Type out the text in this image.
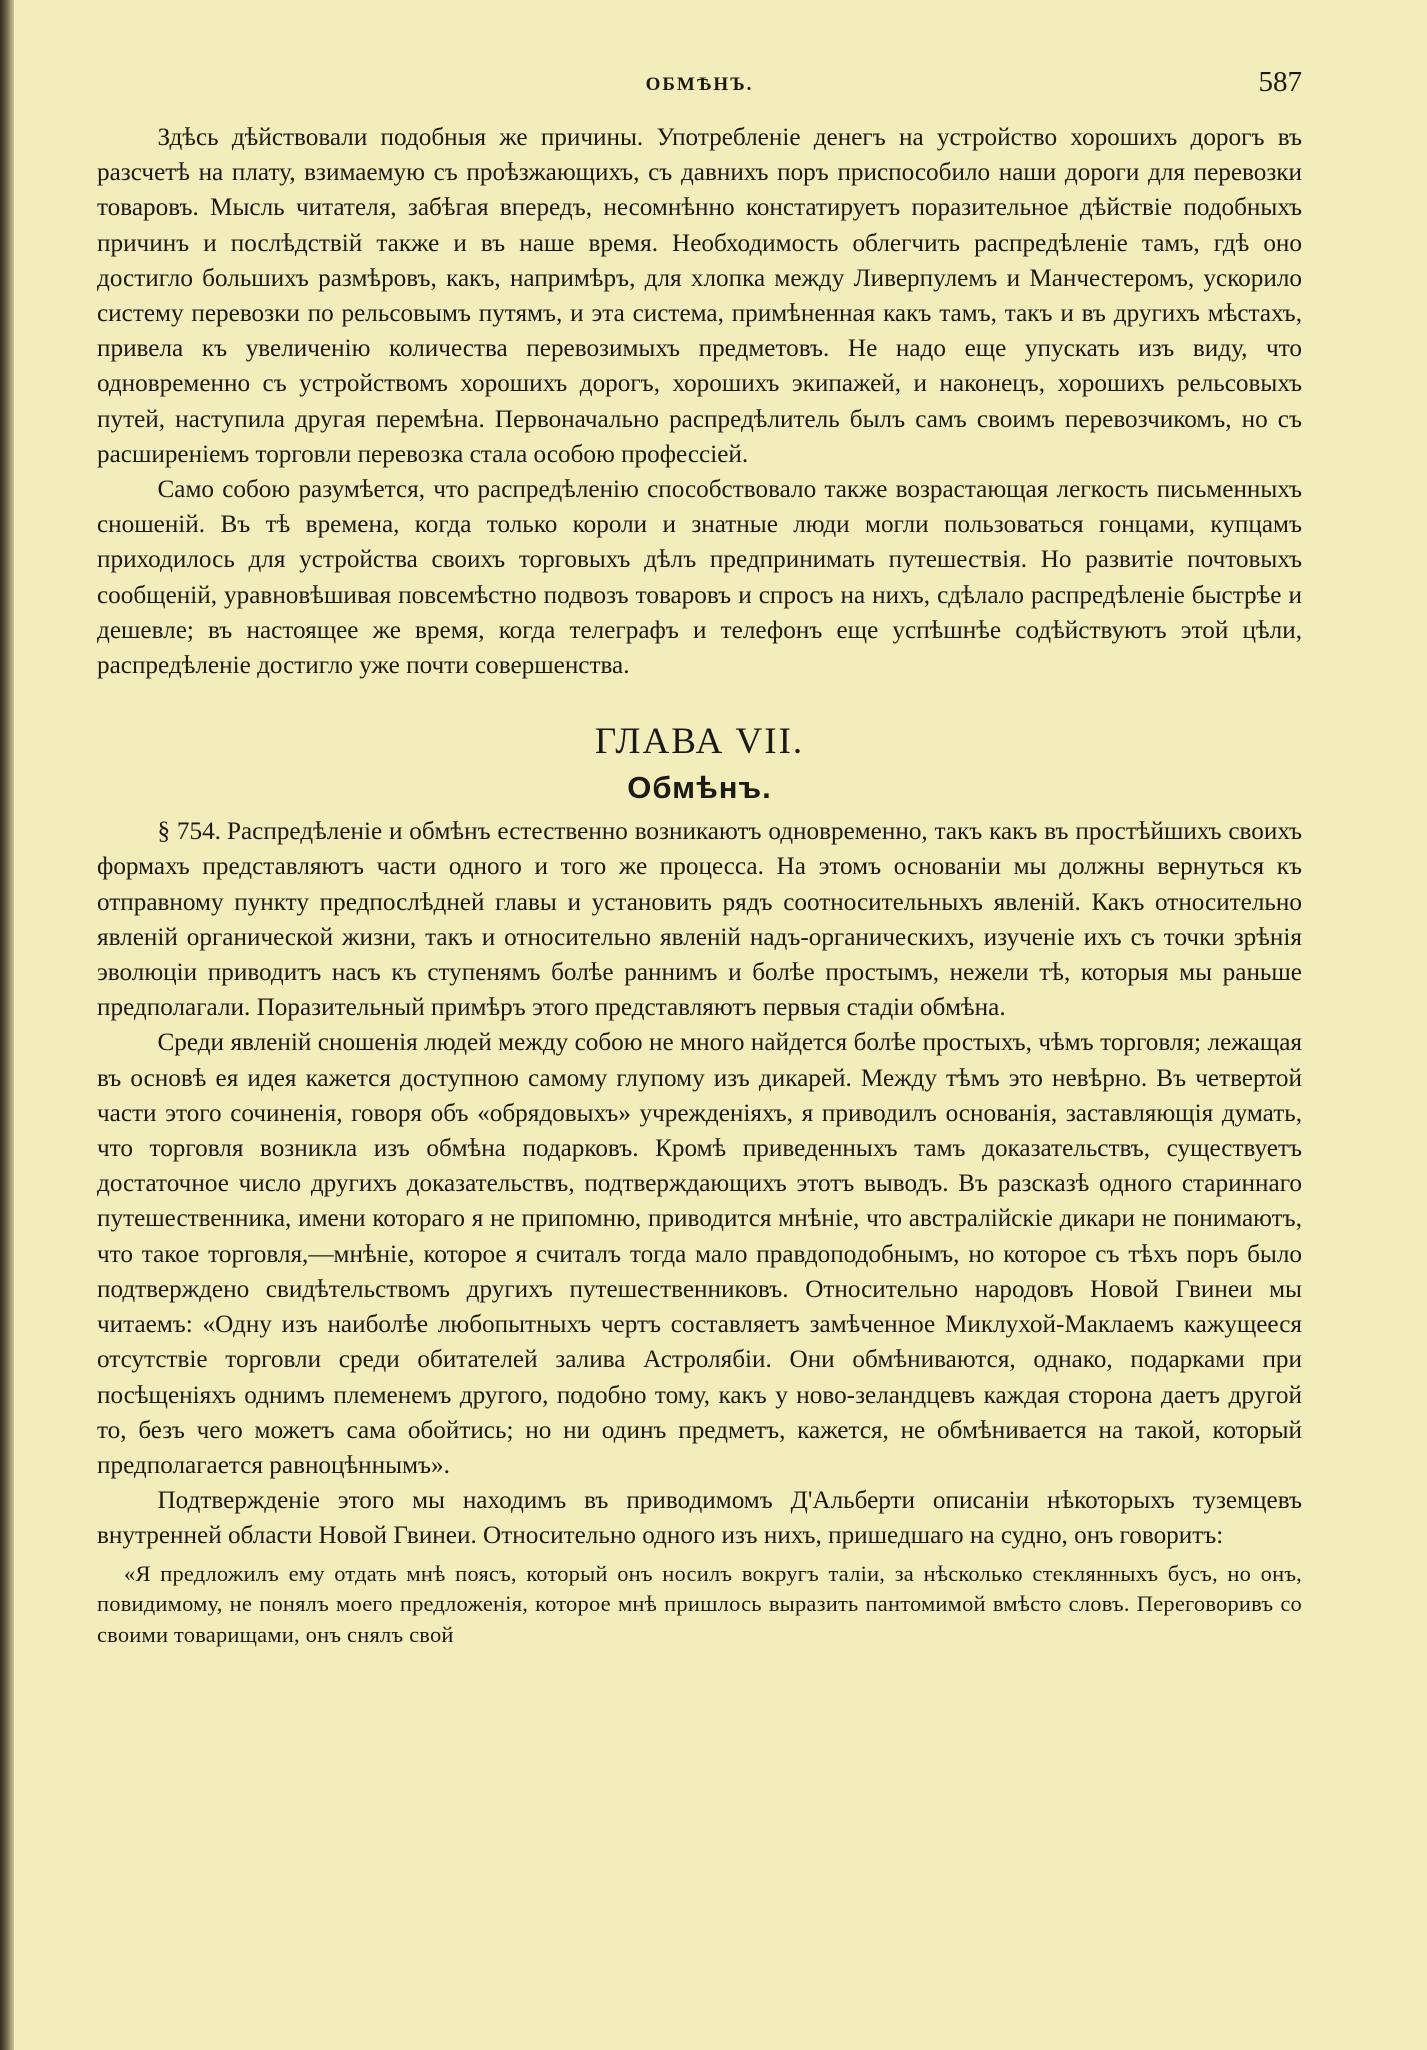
ОБМѢНЪ.	587

Здѣсь дѣйствовали подобныя же причины. Употребленіе денегъ на устройство хорошихъ дорогъ въ разсчетѣ на плату, взимаемую съ проѣзжающихъ, съ давнихъ поръ приспособило наши дороги для перевозки товаровъ. Мысль читателя, забѣгая впередъ, несомнѣнно констатируетъ поразительное дѣйствіе подобныхъ причинъ и послѣдствій также и въ наше время. Необходимость облегчить распредѣленіе тамъ, гдѣ оно достигло большихъ размѣровъ, какъ, напримѣръ, для хлопка между Ливерпулемъ и Манчестеромъ, ускорило систему перевозки по рельсовымъ путямъ, и эта система, примѣненная какъ тамъ, такъ и въ другихъ мѣстахъ, привела къ увеличенію количества перевозимыхъ предметовъ. Не надо еще упускать изъ виду, что одновременно съ устройствомъ хорошихъ дорогъ, хорошихъ экипажей, и наконецъ, хорошихъ рельсовыхъ путей, наступила другая перемѣна. Первоначально распредѣлитель былъ самъ своимъ перевозчикомъ, но съ расширеніемъ торговли перевозка стала особою профессіей.

Само собою разумѣется, что распредѣленію способствовало также возрастающая легкость письменныхъ сношеній. Въ тѣ времена, когда только короли и знатные люди могли пользоваться гонцами, купцамъ приходилось для устройства своихъ торговыхъ дѣлъ предпринимать путешествія. Но развитіе почтовыхъ сообщеній, уравновѣшивая повсемѣстно подвозъ товаровъ и спросъ на нихъ, сдѣлало распредѣленіе быстрѣе и дешевле; въ настоящее же время, когда телеграфъ и телефонъ еще успѣшнѣе содѣйствуютъ этой цѣли, распредѣленіе достигло уже почти совершенства.

ГЛАВА VII.
Обмѣнъ.

§ 754. Распредѣленіе и обмѣнъ естественно возникаютъ одновременно, такъ какъ въ простѣйшихъ своихъ формахъ представляютъ части одного и того же процесса. На этомъ основаніи мы должны вернуться къ отправному пункту предпослѣдней главы и установить рядъ соотносительныхъ явленій. Какъ относительно явленій органической жизни, такъ и относительно явленій надъ-органическихъ, изученіе ихъ съ точки зрѣнія эволюціи приводитъ насъ къ ступенямъ болѣе раннимъ и болѣе простымъ, нежели тѣ, которыя мы раньше предполагали. Поразительный примѣръ этого представляютъ первыя стадіи обмѣна.

Среди явленій сношенія людей между собою не много найдется болѣе простыхъ, чѣмъ торговля; лежащая въ основѣ ея идея кажется доступною самому глупому изъ дикарей. Между тѣмъ это невѣрно. Въ четвертой части этого сочиненія, говоря объ «обрядовыхъ» учрежденіяхъ, я приводилъ основанія, заставляющія думать, что торговля возникла изъ обмѣна подарковъ. Кромѣ приведенныхъ тамъ доказательствъ, существуетъ достаточное число другихъ доказательствъ, подтверждающихъ этотъ выводъ. Въ разсказѣ одного стариннаго путешественника, имени котораго я не припомню, приводится мнѣніе, что австралійскіе дикари не понимаютъ, что такое торговля,—мнѣніе, которое я считалъ тогда мало правдоподобнымъ, но которое съ тѣхъ поръ было подтверждено свидѣтельствомъ другихъ путешественниковъ. Относительно народовъ Новой Гвинеи мы читаемъ: «Одну изъ наиболѣе любопытныхъ чертъ составляетъ замѣченное Миклухой-Маклаемъ кажущееся отсутствіе торговли среди обитателей залива Астролябіи. Они обмѣниваются, однако, подарками при посѣщеніяхъ однимъ племенемъ другого, подобно тому, какъ у ново-зеландцевъ каждая сторона даетъ другой то, безъ чего можетъ сама обойтись; но ни одинъ предметъ, кажется, не обмѣнивается на такой, который предполагается равноцѣннымъ».

Подтвержденіе этого мы находимъ въ приводимомъ Д'Альберти описаніи нѣкоторыхъ туземцевъ внутренней области Новой Гвинеи. Относительно одного изъ нихъ, пришедшаго на судно, онъ говоритъ:

«Я предложилъ ему отдать мнѣ поясъ, который онъ носилъ вокругъ таліи, за нѣсколько стеклянныхъ бусъ, но онъ, повидимому, не понялъ моего предложенія, которое мнѣ пришлось выразить пантомимой вмѣсто словъ. Переговоривъ со своими товарищами, онъ снялъ свой
